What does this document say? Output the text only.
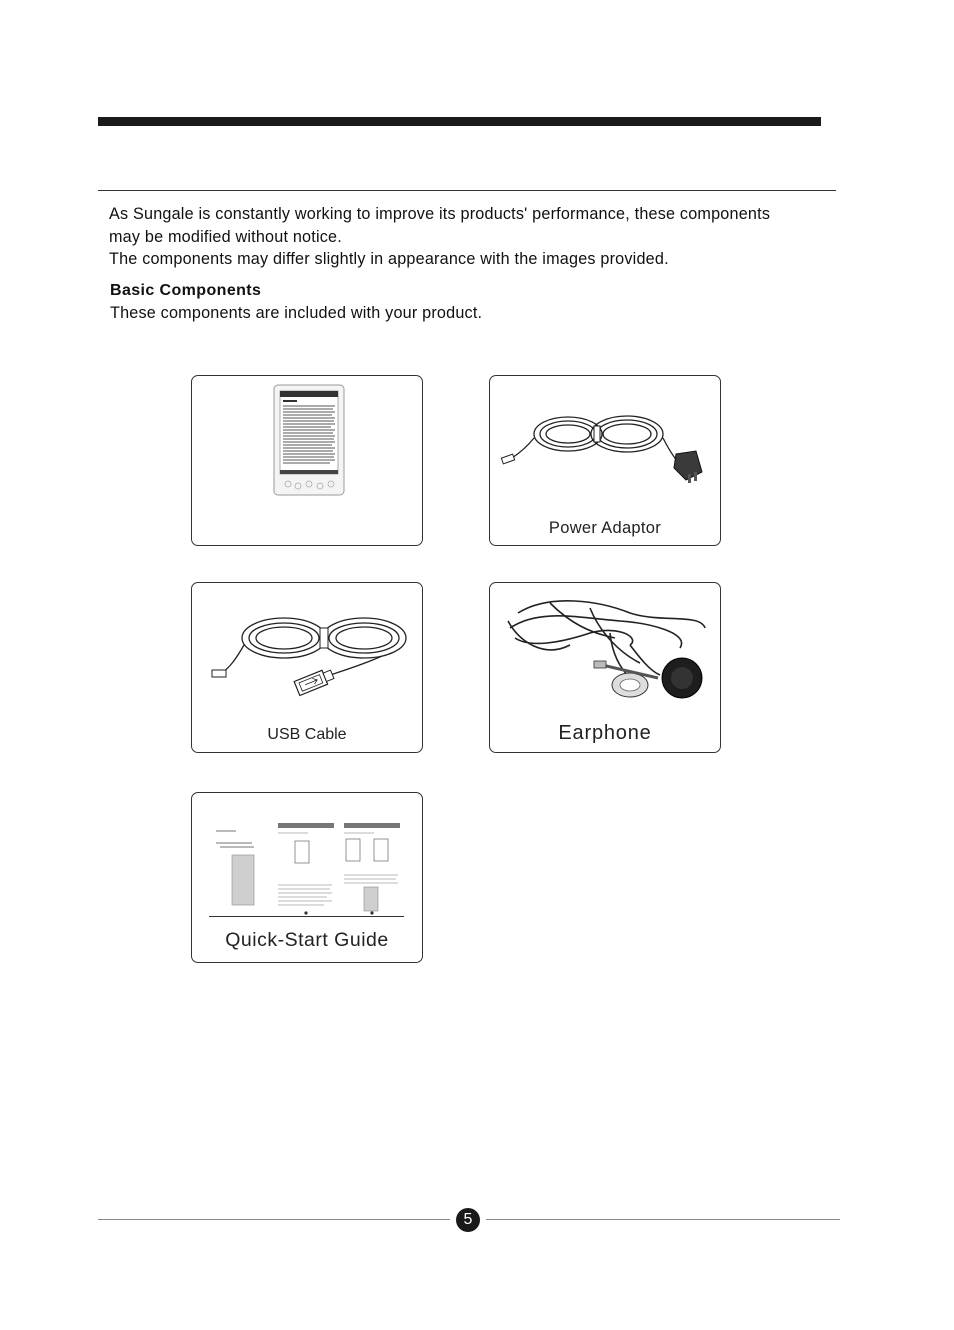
As Sungale is constantly working to improve its products' performance, these components

may be modified without notice.

The components may differ slightly in appearance with the images provided.

Basic Components
These components are included with your product.
Power Adaptor
USB Cable	Earphone
Quick-Start Guide
5
